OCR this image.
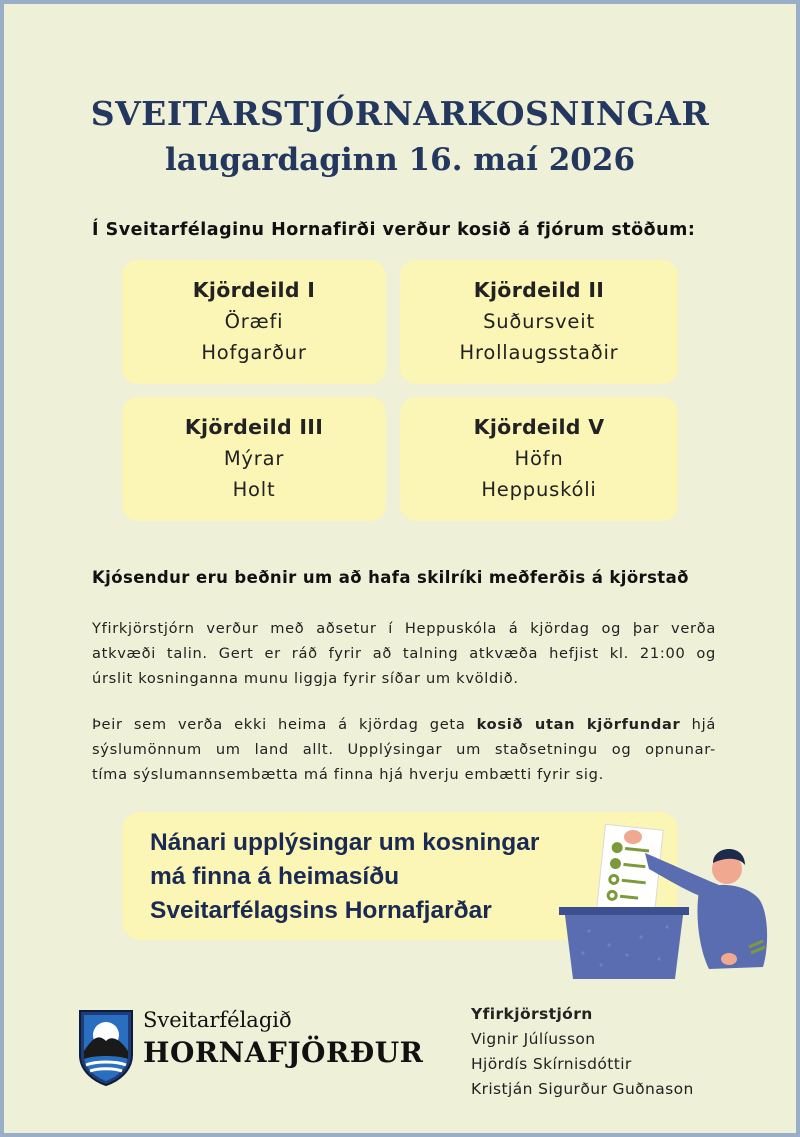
SVEITARSTJÓRNARKOSNINGAR
laugardaginn 16. maí 2026
Í Sveitarfélaginu Hornafirði verður kosið á fjórum stöðum:
Kjördeild I
Öræfi
Hofgarður
Kjördeild II
Suðursveit
Hrollaugsstaðir
Kjördeild III
Mýrar
Holt
Kjördeild V
Höfn
Heppuskóli
Kjósendur eru beðnir um að hafa skilríki meðferðis á kjörstað
Yfirkjörstjórn verður með aðsetur í Heppuskóla á kjördag og þar verða
atkvæði talin. Gert er ráð fyrir að talning atkvæða hefjist kl. 21:00 og
úrslit kosninganna munu liggja fyrir síðar um kvöldið.
Þeir sem verða ekki heima á kjördag geta kosið utan kjörfundar hjá
sýslumönnum um land allt. Upplýsingar um staðsetningu og opnunar-
tíma sýslumannsembætta má finna hjá hverju embætti fyrir sig.
Nánari upplýsingar um kosningar
má finna á heimasíðu
Sveitarfélagsins Hornafjarðar
Sveitarfélagið
HORNAFJÖRÐUR
Yfirkjörstjórn
Vignir Júlíusson
Hjördís Skírnisdóttir
Kristján Sigurður Guðnason
